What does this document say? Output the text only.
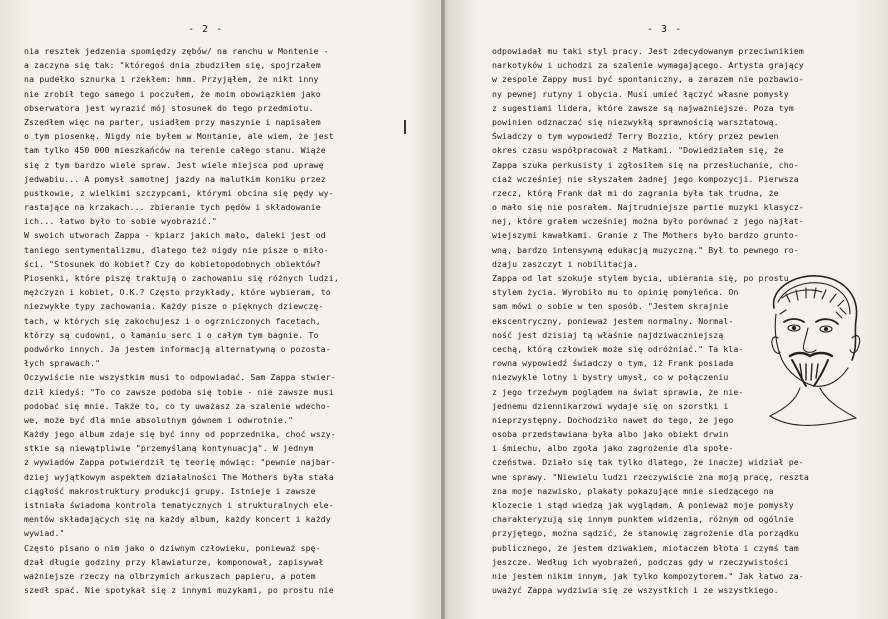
- 2 -
nia resztek jedzenia spomiędzy zębów/ na ranchu w Montenie -
a zaczyna się tak: "któregoś dnia zbudziłem się, spojrzałem
na pudełko sznurka i rzekłem: hmm. Przyjąłem, że nikt inny
nie zrobił tego samego i poczułem, że moim obowiązkiem jako
obserwatora jest wyrazić mój stosunek do tego przedmiotu.
Zszedłem więc na parter, usiadłem przy maszynie i napisałem
o tym piosenkę. Nigdy nie byłem w Montanie, ale wiem, że jest
tam tylko 450 000 mieszkańców na terenie całego stanu. Wiąże
się z tym bardzo wiele spraw. Jest wiele miejsca pod uprawę
jedwabiu... A pomysł samotnej jazdy na malutkim koniku przez
pustkowie, z wielkimi szczypcami, którymi obcina się pędy wy-
rastające na krzakach... zbieranie tych pędów i składowanie
ich... łatwo było to sobie wyobrazić."
W swoich utworach Zappa - kpiarz jakich mało, daleki jest od
taniego sentymentalizmu, dlatego też nigdy nie pisze o miło-
ści. "Stosunek do kobiet? Czy do kobietopodobnych obiektów?
Piosenki, które piszę traktują o zachowaniu się różnych ludzi,
mężczyzn i kobiet, O.K.? Często przykłady, które wybieram, to
niezwykłe typy zachowania. Każdy pisze o pięknych dziewczę-
tach, w których się zakochujesz i o ogrzniczonych facetach,
którzy są cudowni, o łamaniu serc i o całym tym bagnie. To
podwórko innych. Ja jestem informacją alternatywną o pozosta-
łych sprawach."
Oczywiście nie wszystkim musi to odpowiadać. Sam Zappa stwier-
dził kiedyś: "To co zawsze podoba się tobie - nie zawsze musi
podobać się mnie. Także to, co ty uważasz za szalenie wdecho-
we, może być dla mnie absolutnym gównem i odwrotnie."
Każdy jego album zdaje się być inny od poprzednika, choć wszy-
stkie są niewątpliwie "przemyślaną kontynuacją". W jednym
z wywiadów Zappa potwierdził tę teorię mówiąc: "pewnie najbar-
dziej wyjątkowym aspektem działalności The Mothers była stała
ciągłość makrostruktury produkcji grupy. Istnieje i zawsze
istniała świadoma kontrola tematycznych i strukturalnych ele-
mentów składających się na każdy album, każdy koncert i każdy
wywiad."
Często pisano o nim jako o dziwnym człowieku, ponieważ spę-
dzał długie godziny przy klawiaturze, komponował, zapisywał
ważniejsze rzeczy na olbrzymich arkuszach papieru, a potem
szedł spać. Nie spotykał się z innymi muzykami, po prostu nie
- 3 -
odpowiadał mu taki styl pracy. Jest zdecydowanym przeciwnikiem
narkotyków i uchodzi za szalenie wymagającego. Artysta grający
w zespole Zappy musi być spontaniczny, a zarazem nie pozbawio-
ny pewnej rutyny i obycia. Musi umieć łączyć własne pomysły
z sugestiami lidera, które zawsze są najważniejsze. Poza tym
powinien odznaczać się niezwykłą sprawnością warsztatową.
Świadczy o tym wypowiedź Terry Bozzio, który przez pewien
okres czasu współpracował z Matkami. "Dowiedziałem się, że
Zappa szuka perkusisty i zgłosiłem się na przesłuchanie, cho-
ciaż wcześniej nie słyszałem żadnej jego kompozycji. Pierwsza
rzecz, którą Frank dał mi do zagrania była tak trudna, że
o mało się nie posrałem. Najtrudniejsze partie muzyki klasycz-
nej, które grałem wcześniej można było porównać z jego najłat-
wiejszymi kawałkami. Granie z The Mothers było bardzo grunto-
wną, bardzo intensywną edukacją muzyczną." Był to pewnego ro-
dzaju zaszczyt i nobilitacja.
Zappa od lat szokuje stylem bycia, ubierania się, po prostu
stylem życia. Wyrobiło mu to opinię pomyleńca. On
sam mówi o sobie w ten sposób. "Jestem skrajnie
ekscentryczny, ponieważ jestem normalny. Normal-
ność jest dzisiaj tą właśnie najdziwaczniejszą
cechą, którą człowiek może się odróżniać." Ta kla-
rowna wypowiedź świadczy o tym, iż Frank posiada
niezwykle lotny i bystry umysł, co w połączeniu
z jego trzeźwym poglądem na świat sprawia, że nie-
jednemu dziennikarzowi wydaje się on szorstki i
nieprzystępny. Dochodziło nawet do tego, że jego
osoba przedstawiana była albo jako obiekt drwin
i śmiechu, albo zgoła jako zagrożenie dla społe-
czeństwa. Działo się tak tylko dlatego, że inaczej widział pe-
wne sprawy. "Niewielu ludzi rzeczywiście zna moją pracę, reszta
zna moje nazwisko, plakaty pokazujące mnie siedzącego na
klozecie i stąd wiedzą jak wyglądam. A ponieważ moje pomysły
charakteryzują się innym punktem widzenia, różnym od ogólnie
przyjętego, można sądzić, że stanowię zagrożenie dla porządku
publicznego, że jestem dziwakiem, miotaczem błota i czymś tam
jeszcze. Według ich wyobrażeń, podczas gdy w rzeczywistości
nie jestem nikim innym, jak tylko kompozytorem." Jak łatwo za-
uważyć Zappa wydziwia się ze wszystkich i ze wszystkiego.
